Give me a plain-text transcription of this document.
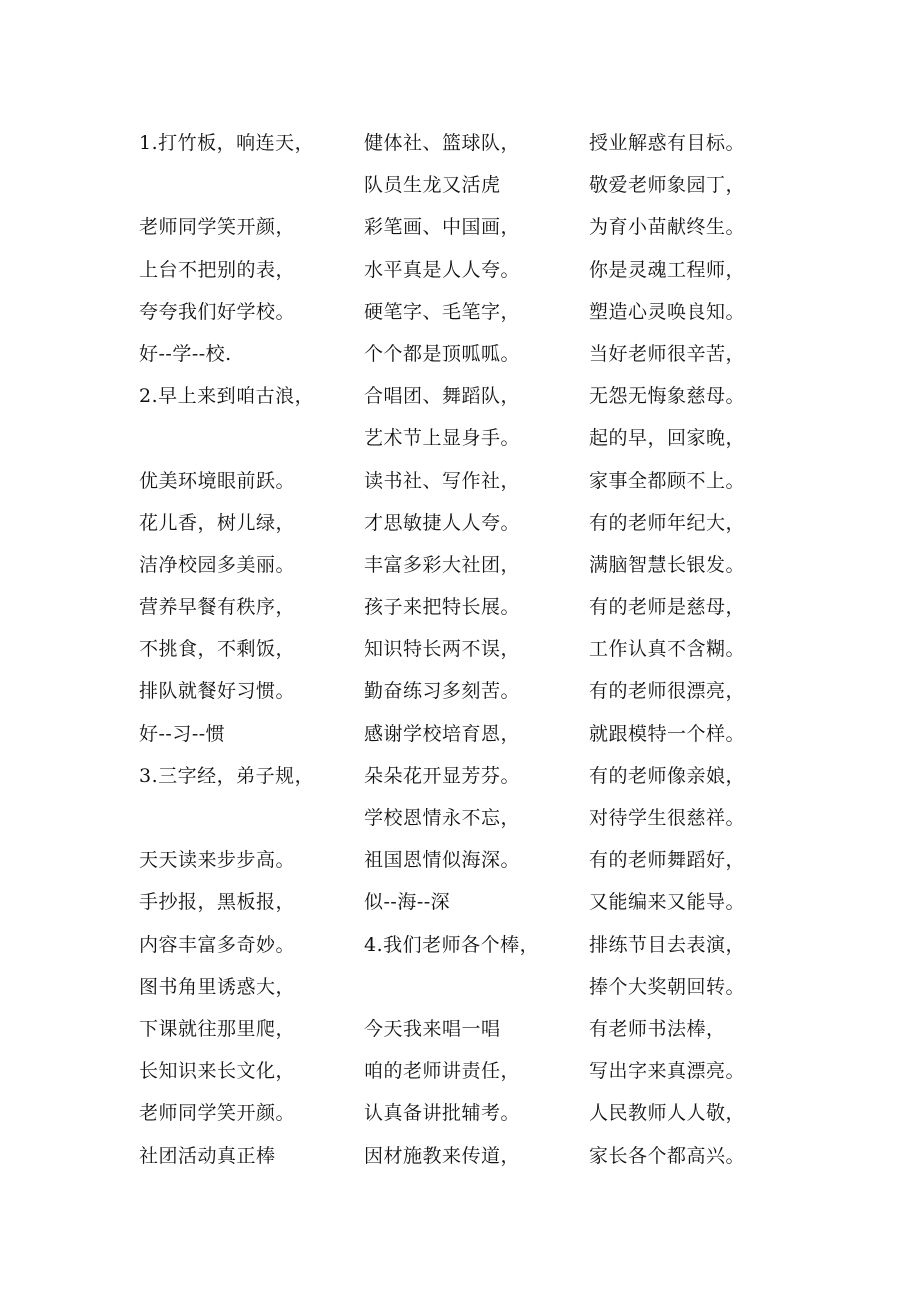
1.打竹板，响连天，
老师同学笑开颜，
上台不把别的表，
夸夸我们好学校。
好--学--校.
2.早上来到咱古浪，
优美环境眼前跃。
花儿香，树儿绿，
洁净校园多美丽。
营养早餐有秩序，
不挑食，不剩饭，
排队就餐好习惯。
好--习--惯
3.三字经，弟子规，
天天读来步步高。
手抄报，黑板报，
内容丰富多奇妙。
图书角里诱惑大，
下课就往那里爬，
长知识来长文化，
老师同学笑开颜。
社团活动真正棒
健体社、篮球队，
队员生龙又活虎
彩笔画、中国画，
水平真是人人夸。
硬笔字、毛笔字，
个个都是顶呱呱。
合唱团、舞蹈队，
艺术节上显身手。
读书社、写作社，
才思敏捷人人夸。
丰富多彩大社团，
孩子来把特长展。
知识特长两不误，
勤奋练习多刻苦。
感谢学校培育恩，
朵朵花开显芳芬。
学校恩情永不忘，
祖国恩情似海深。
似--海--深
4.我们老师各个棒，
今天我来唱一唱
咱的老师讲责任，
认真备讲批辅考。
因材施教来传道，
授业解惑有目标。
敬爱老师象园丁，
为育小苗献终生。
你是灵魂工程师，
塑造心灵唤良知。
当好老师很辛苦，
无怨无悔象慈母。
起的早，回家晚，
家事全都顾不上。
有的老师年纪大，
满脑智慧长银发。
有的老师是慈母，
工作认真不含糊。
有的老师很漂亮，
就跟模特一个样。
有的老师像亲娘，
对待学生很慈祥。
有的老师舞蹈好，
又能编来又能导。
排练节目去表演，
捧个大奖朝回转。
有老师书法棒，
写出字来真漂亮。
人民教师人人敬，
家长各个都高兴。
